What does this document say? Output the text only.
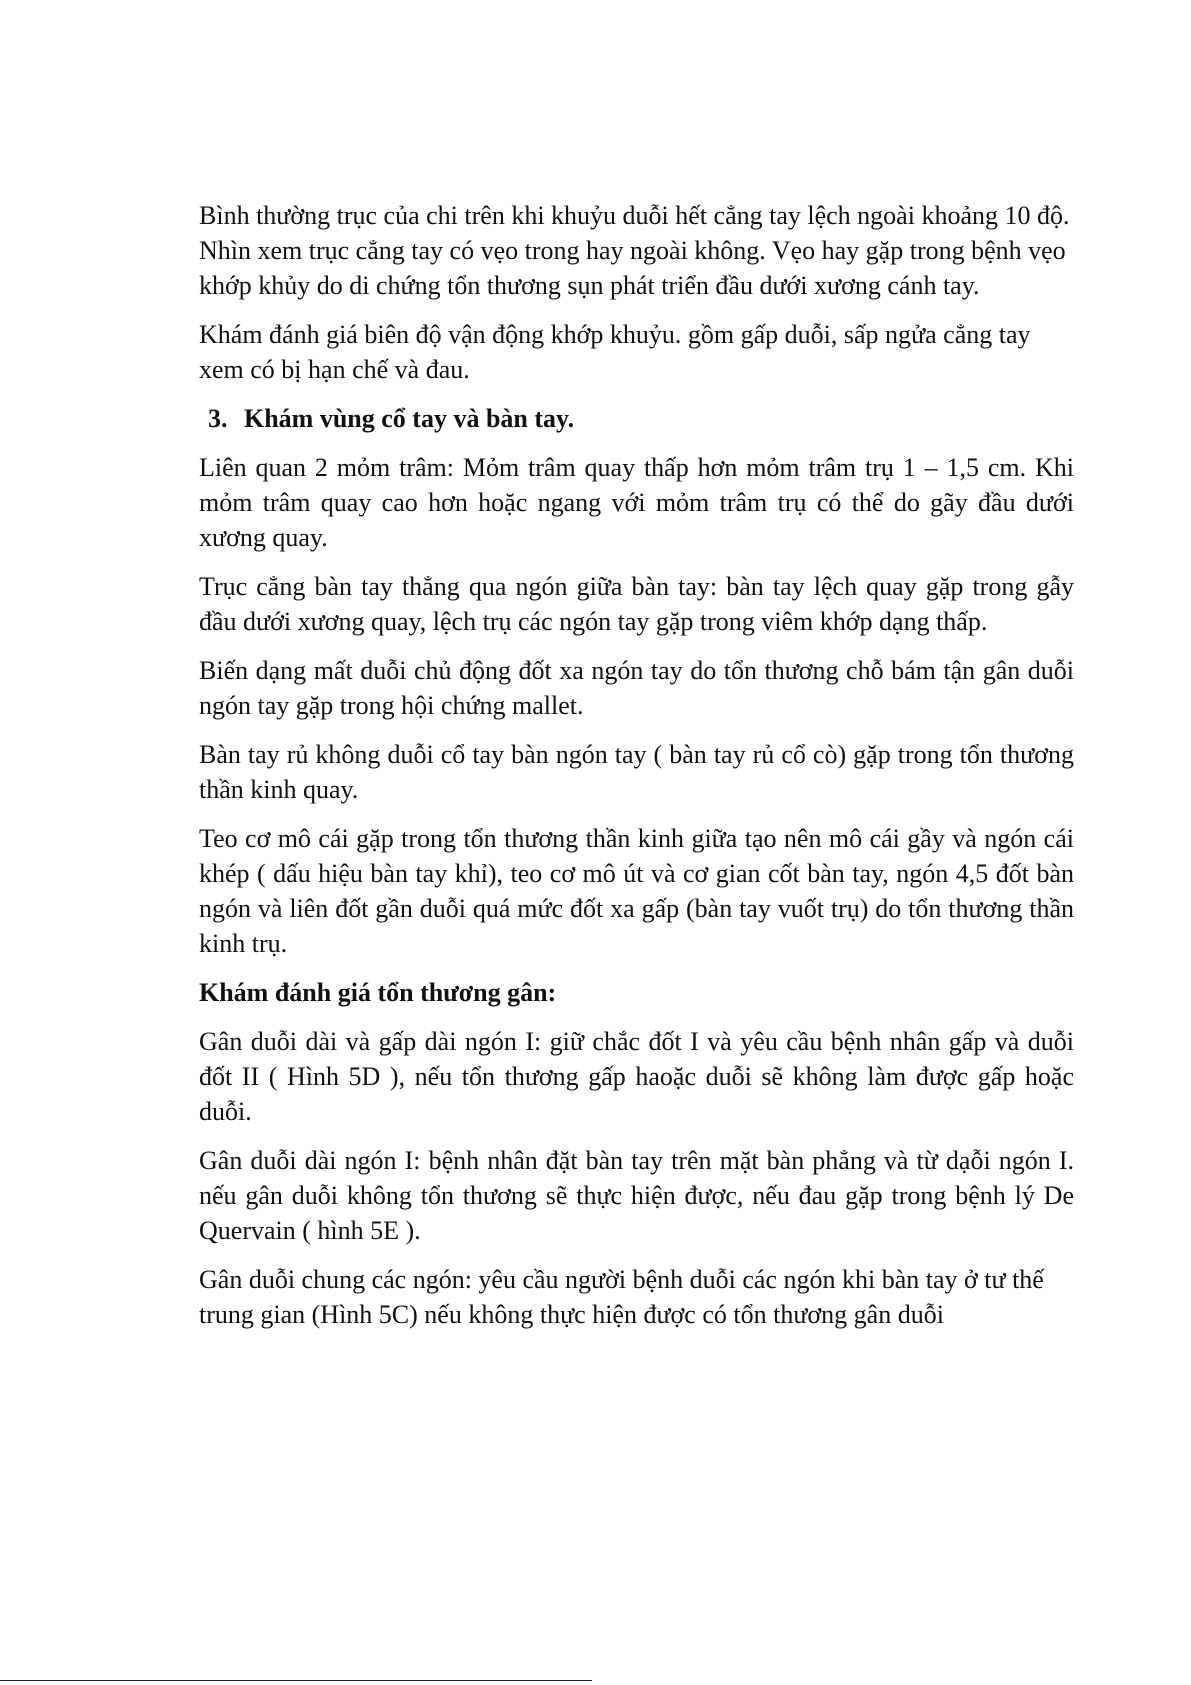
Bình thường trục của chi trên khi khuỷu duỗi hết cẳng tay lệch ngoài khoảng 10 độ. Nhìn xem trục cẳng tay có vẹo trong hay ngoài không. Vẹo hay gặp trong bệnh vẹo khớp khủy do di chứng tổn thương sụn phát triển đầu dưới xương cánh tay.

Khám đánh giá biên độ vận động khớp khuỷu. gồm gấp duỗi, sấp ngửa cẳng tay xem có bị hạn chế và đau.

3. Khám vùng cổ tay và bàn tay.

Liên quan 2 mỏm trâm: Mỏm trâm quay thấp hơn mỏm trâm trụ 1 – 1,5 cm. Khi mỏm trâm quay cao hơn hoặc ngang với mỏm trâm trụ có thể do gãy đầu dưới xương quay.

Trục cẳng bàn tay thẳng qua ngón giữa bàn tay: bàn tay lệch quay gặp trong gẫy đầu dưới xương quay, lệch trụ các ngón tay gặp trong viêm khớp dạng thấp.

Biến dạng mất duỗi chủ động đốt xa ngón tay do tổn thương chỗ bám tận gân duỗi ngón tay gặp trong hội chứng mallet.

Bàn tay rủ không duỗi cổ tay bàn ngón tay ( bàn tay rủ cổ cò) gặp trong tổn thương thần kinh quay.

Teo cơ mô cái gặp trong tổn thương thần kinh giữa tạo nên mô cái gầy và ngón cái khép ( dấu hiệu bàn tay khỉ), teo cơ mô út và cơ gian cốt bàn tay, ngón 4,5 đốt bàn ngón và liên đốt gần duỗi quá mức đốt xa gấp (bàn tay vuốt trụ) do tổn thương thần kinh trụ.

Khám đánh giá tổn thương gân:

Gân duỗi dài và gấp dài ngón I: giữ chắc đốt I và yêu cầu bệnh nhân gấp và duỗi đốt II ( Hình 5D ), nếu tổn thương gấp haoặc duỗi sẽ không làm được gấp hoặc duỗi.

Gân duỗi dài ngón I: bệnh nhân đặt bàn tay trên mặt bàn phẳng và từ dạỗi ngón I. nếu gân duỗi không tổn thương sẽ thực hiện được, nếu đau gặp trong bệnh lý De Quervain ( hình 5E ).

Gân duỗi chung các ngón: yêu cầu người bệnh duỗi các ngón khi bàn tay ở tư thế trung gian (Hình 5C) nếu không thực hiện được có tổn thương gân duỗi
